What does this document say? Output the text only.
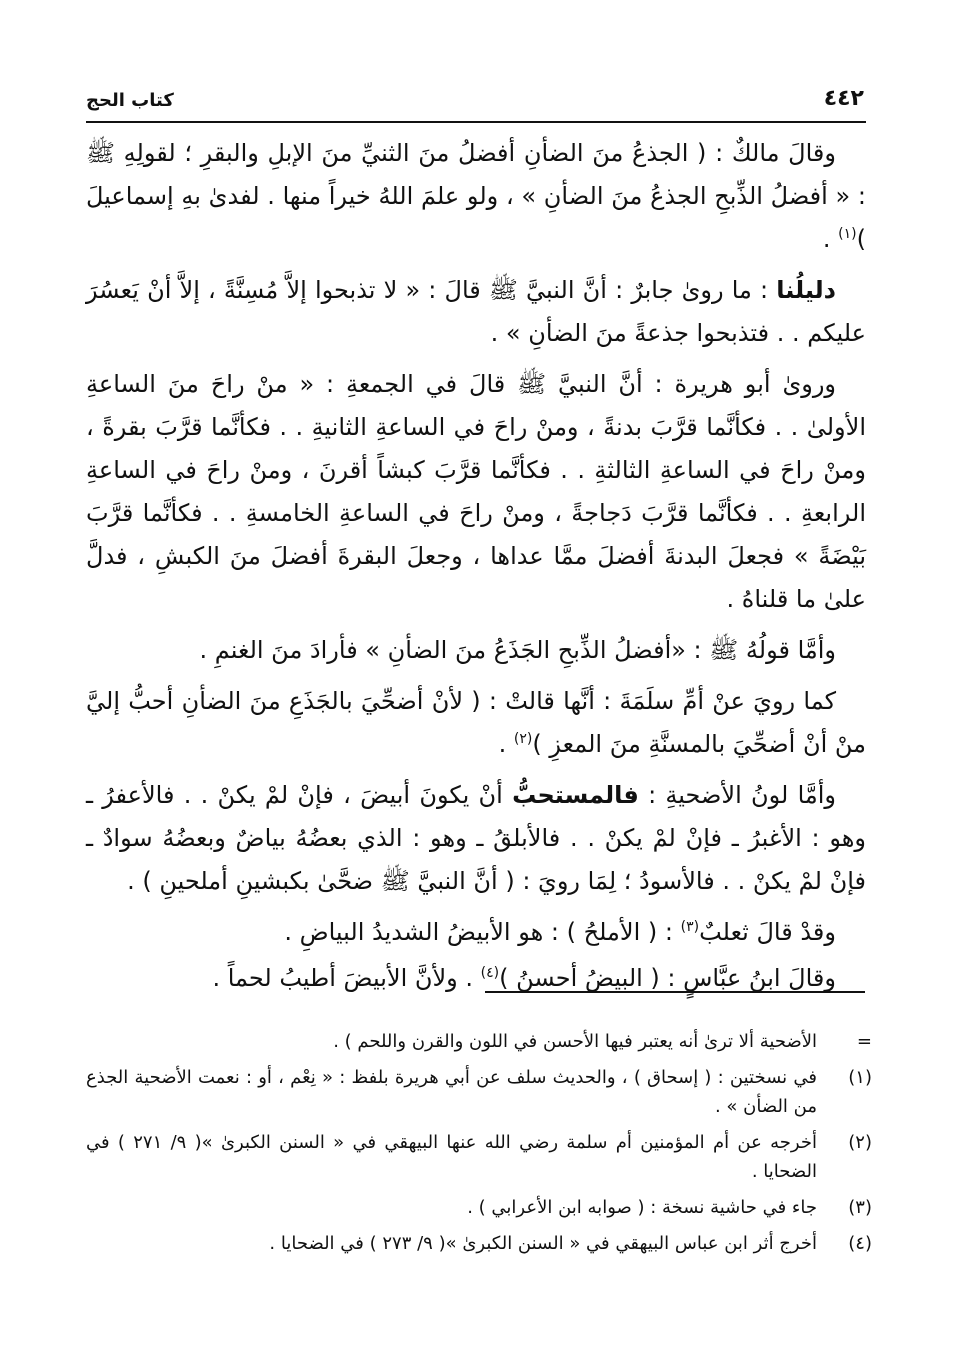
٤٤٢
كتاب الحج

وقالَ مالكٌ : ( الجذعُ منَ الضأنِ أفضلُ منَ الثنيِّ منَ الإبلِ والبقرِ ؛ لقولِهِ ﷺ : « أفضلُ الذِّبحِ الجذعُ منَ الضأنِ » ، ولو علمَ اللهُ خيراً منها . لفدىٰ بهِ إسماعيلَ )$^{(١)}$ .

دليلُنا : ما روىٰ جابرٌ : أنَّ النبيَّ ﷺ قالَ : « لا تذبحوا إلاَّ مُسِنَّةً ، إلاَّ أنْ يَعسُرَ عليكم . . فتذبحوا جذعةً منَ الضأنِ » .

وروىٰ أبو هريرة : أنَّ النبيَّ ﷺ قالَ في الجمعةِ : « منْ راحَ منَ الساعةِ الأولىٰ . . فكأنَّما قرَّبَ بدنةً ، ومنْ راحَ في الساعةِ الثانيةِ . . فكأنَّما قرَّبَ بقرةً ، ومنْ راحَ في الساعةِ الثالثةِ . . فكأنَّما قرَّبَ كبشاً أقرنَ ، ومنْ راحَ في الساعةِ الرابعةِ . . فكأنَّما قرَّبَ دَجاجةً ، ومنْ راحَ في الساعةِ الخامسةِ . . فكأنَّما قرَّبَ بَيْضَةً » فجعلَ البدنةَ أفضلَ ممَّا عداها ، وجعلَ البقرةَ أفضلَ منَ الكبشِ ، فدلَّ علىٰ ما قلناهُ .

وأمَّا قولُهُ ﷺ : «أفضلُ الذِّبحِ الجَذَعُ منَ الضأنِ » فأرادَ منَ الغنمِ .

كما رويَ عنْ أمِّ سلَمَةَ : أنَّها قالتْ : ( لأنْ أضحِّيَ بالجَذَعِ منَ الضأنِ أحبُّ إليَّ منْ أنْ أضحِّيَ بالمسنَّةِ منَ المعزِ )$^{(٢)}$ .

وأمَّا لونُ الأضحيةِ : فالمستحبُّ أنْ يكونَ أبيضَ ، فإنْ لمْ يكنْ . . فالأعفرُ ـ وهو : الأغبرُ ـ فإنْ لمْ يكنْ . . فالأبلقُ ـ وهو : الذي بعضُهُ بياضٌ وبعضُهُ سوادٌ ـ فإنْ لمْ يكنْ . . فالأسودُ ؛ لِمَا رويَ : ( أنَّ النبيَّ ﷺ ضحَّىٰ بكبشينِ أملحينِ ) .

وقدْ قالَ ثعلبٌ$^{(٣)}$ : ( الأملحُ ) : هو الأبيضُ الشديدُ البياضِ .

وقالَ ابنُ عبَّاسٍ : ( البيضُ أحسنُ )$^{(٤)}$ . ولأنَّ الأبيضَ أطيبُ لحماً .

=
الأضحية ألا ترىٰ أنه يعتبر فيها الأحسن في اللون والقرن واللحم ) .

(١)
في نسختين : ( إسحاق ) ، والحديث سلف عن أبي هريرة بلفظ : « نِعْم ، أو : نعمت الأضحية الجذع من الضأن » .

(٢)
أخرجه عن أم المؤمنين أم سلمة رضي الله عنها البيهقي في « السنن الكبرىٰ »( ٩/ ٢٧١ ) في الضحايا .

(٣)
جاء في حاشية نسخة : ( صوابه ابن الأعرابي ) .

(٤)
أخرج أثر ابن عباس البيهقي في « السنن الكبرىٰ »( ٩/ ٢٧٣ ) في الضحايا .
